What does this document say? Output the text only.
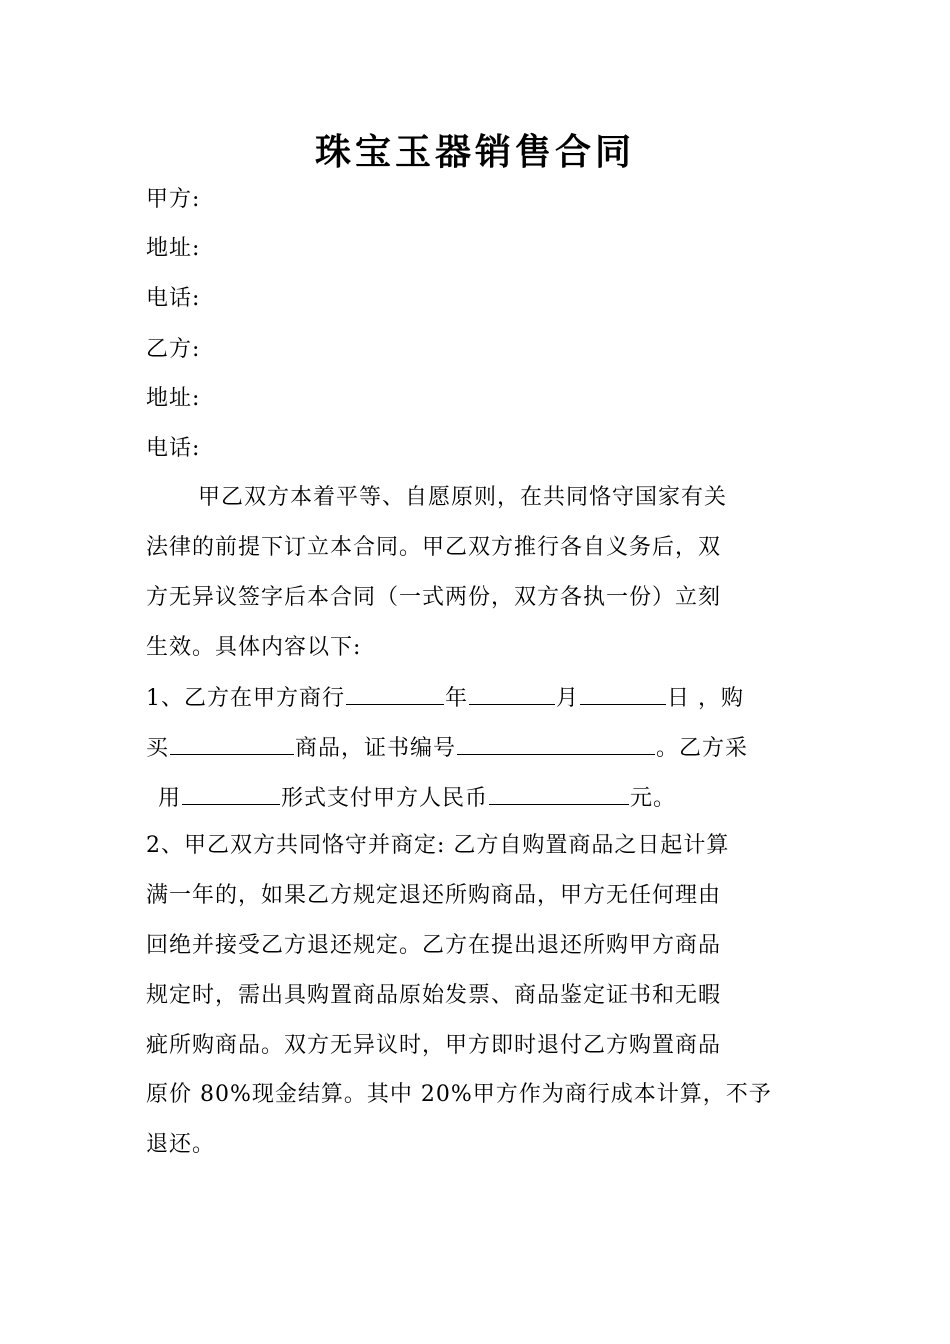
珠宝玉器销售合同
甲方:
地址:
电话:
乙方:
地址:
电话:
甲乙双方本着平等、自愿原则，在共同恪守国家有关
法律的前提下订立本合同。甲乙双方推行各自义务后，双
方无异议签字后本合同（一式两份，双方各执一份）立刻
生效。具体内容以下:
1、乙方在甲方商行	年	月	日 ，购
买	商品，证书编号	。乙方采
用	形式支付甲方人民币	元。
2、甲乙双方共同恪守并商定: 乙方自购置商品之日起计算
满一年的，如果乙方规定退还所购商品，甲方无任何理由
回绝并接受乙方退还规定。乙方在提出退还所购甲方商品
规定时，需出具购置商品原始发票、商品鉴定证书和无暇
疵所购商品。双方无异议时，甲方即时退付乙方购置商品
原价 80%现金结算。其中 20%甲方作为商行成本计算，不予
退还。
